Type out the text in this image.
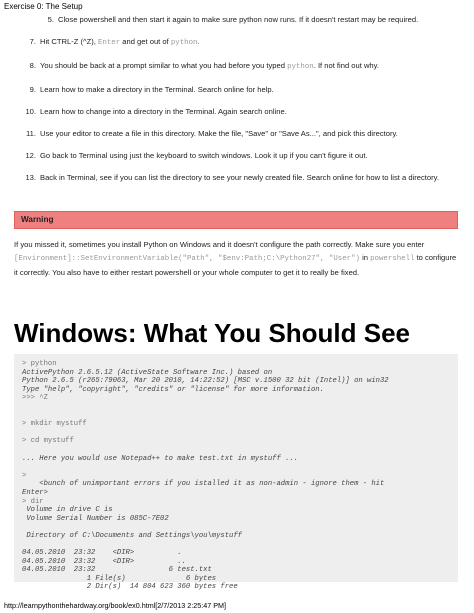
Exercise 0: The Setup
5. Close powershell and then start it again to make sure python now runs. If it doesn't restart may be required.
7. Hit CTRL-Z (^Z), Enter and get out of python.
8. You should be back at a prompt similar to what you had before you typed python. If not find out why.
9. Learn how to make a directory in the Terminal. Search online for help.
10. Learn how to change into a directory in the Terminal. Again search online.
11. Use your editor to create a file in this directory. Make the file, "Save" or "Save As...", and pick this directory.
12. Go back to Terminal using just the keyboard to switch windows. Look it up if you can't figure it out.
13. Back in Terminal, see if you can list the directory to see your newly created file. Search online for how to list a directory.
Warning
If you missed it, sometimes you install Python on Windows and it doesn't configure the path correctly. Make sure you enter [Environment]::SetEnvironmentVariable("Path", "$env:Path;C:\Python27", "User") in powershell to configure it correctly. You also have to either restart powershell or your whole computer to get it to really be fixed.
Windows: What You Should See
> python
ActivePython 2.6.5.12 (ActiveState Software Inc.) based on
Python 2.6.5 (r265:79063, Mar 20 2010, 14:22:52) [MSC v.1500 32 bit (Intel)] on win32
Type "help", "copyright", "credits" or "license" for more information.
>>> ^Z
> mkdir mystuff
> cd mystuff
... Here you would use Notepad++ to make test.txt in mystuff ...
>
<bunch of unimportant errors if you istalled it as non-admin - ignore them - hit
Enter>
> dir
Volume in drive C is
Volume Serial Number is 085C-7E02
Directory of C:\Documents and Settings\you\mystuff
04.05.2010  23:32    <DIR>          .
04.05.2010  23:32    <DIR>          ..
04.05.2010  23:32                 6 test.txt
1 File(s)              6 bytes
2 Dir(s)  14 804 623 360 bytes free
http://learnpythonthehardway.org/book/ex0.html[2/7/2013 2:25:47 PM]
